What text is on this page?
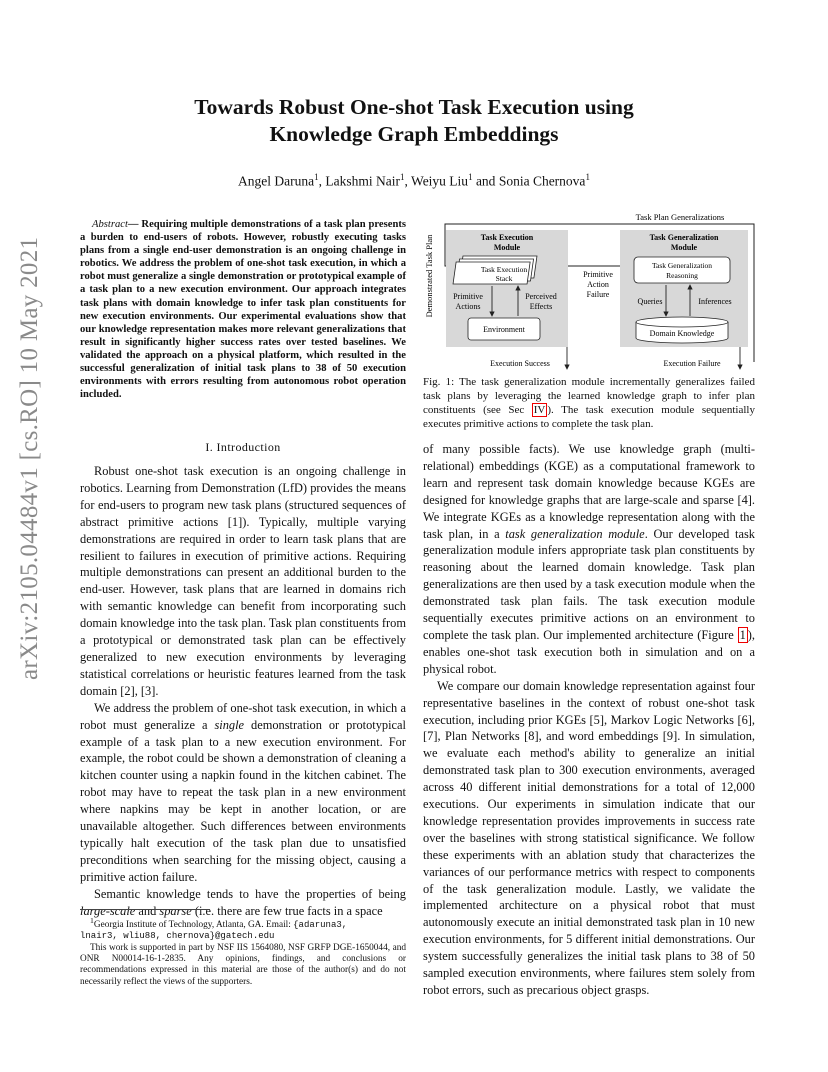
arXiv:2105.04484v1 [cs.RO] 10 May 2021
Towards Robust One-shot Task Execution using
Knowledge Graph Embeddings
Angel Daruna$^1$, Lakshmi Nair$^1$, Weiyu Liu$^1$ and Sonia Chernova$^1$
Abstract— Requiring multiple demonstrations of a task plan presents a burden to end-users of robots. However, robustly executing tasks plans from a single end-user demonstration is an ongoing challenge in robotics. We address the problem of one-shot task execution, in which a robot must generalize a single demonstration or prototypical example of a task plan to a new execution environment. Our approach integrates task plans with domain knowledge to infer task plan constituents for new execution environments. Our experimental evaluations show that our knowledge representation makes more relevant generalizations that result in significantly higher success rates over tested baselines. We validated the approach on a physical platform, which resulted in the successful generalization of initial task plans to 38 of 50 execution environments with errors resulting from autonomous robot operation included.
I. Introduction

Robust one-shot task execution is an ongoing challenge in robotics. Learning from Demonstration (LfD) provides the means for end-users to program new task plans (structured sequences of abstract primitive actions [1]). Typically, multiple varying demonstrations are required in order to learn task plans that are resilient to failures in execution of primitive actions. Requiring multiple demonstrations can present an additional burden to the end-user. However, task plans that are learned in domains rich with semantic knowledge can benefit from incorporating such domain knowledge into the task plan. Task plan constituents from a prototypical or demonstrated task plan can be effectively generalized to new execution environments by leveraging statistical correlations or heuristic features learned from the task domain [2], [3].

We address the problem of one-shot task execution, in which a robot must generalize a single demonstration or prototypical example of a task plan to a new execution environment. For example, the robot could be shown a demonstration of cleaning a kitchen counter using a napkin found in the kitchen cabinet. The robot may have to repeat the task plan in a new environment where napkins may be kept in another location, or are unavailable altogether. Such differences between environments typically halt execution of the task plan due to unsatisfied preconditions when searching for the missing object, causing a primitive action failure.

Semantic knowledge tends to have the properties of being large-scale and sparse (i.e. there are few true facts in a space

$^1$Georgia Institute of Technology, Atlanta, GA. Email: {adaruna3,
lnair3, wliu88, chernova}@gatech.edu

This work is supported in part by NSF IIS 1564080, NSF GRFP DGE-1650044, and ONR N00014-16-1-2835. Any opinions, findings, and conclusions or recommendations expressed in this material are those of the author(s) and do not necessarily reflect the views of the supporters.

Task Plan Generalizations
Demonstrated Task Plan	Task Execution
Module
Task Execution
Stack
Primitive
Actions
Perceived
Effects
Environment
Primitive
Action
Failure
Task Generalization
Module
Task Generalization
Reasoning
Queries	Inferences
Domain Knowledge
Execution Success	Execution Failure
Fig. 1: The task generalization module incrementally generalizes failed task plans by leveraging the learned knowledge graph to infer plan constituents (see Sec IV ). The task execution module sequentially executes primitive actions to complete the task plan.

of many possible facts). We use knowledge graph (multi-relational) embeddings (KGE) as a computational framework to learn and represent task domain knowledge because KGEs are designed for knowledge graphs that are large-scale and sparse [4]. We integrate KGEs as a knowledge representation along with the task plan, in a task generalization module. Our developed task generalization module infers appropriate task plan constituents by reasoning about the learned domain knowledge. Task plan generalizations are then used by a task execution module when the demonstrated task plan fails. The task execution module sequentially executes primitive actions on an environment to complete the task plan. Our implemented architecture (Figure 1 ), enables one-shot task execution both in simulation and on a physical robot.

We compare our domain knowledge representation against four representative baselines in the context of robust one-shot task execution, including prior KGEs [5], Markov Logic Networks [6], [7], Plan Networks [8], and word embeddings [9]. In simulation, we evaluate each method's ability to generalize an initial demonstrated task plan to 300 execution environments, averaged across 40 different initial demonstrations for a total of 12,000 executions. Our experiments in simulation indicate that our knowledge representation provides improvements in success rate over the baselines with strong statistical significance. We follow these experiments with an ablation study that characterizes the variances of our performance metrics with respect to components of the task generalization module. Lastly, we validate the implemented architecture on a physical robot that must autonomously execute an initial demonstrated task plan in 10 new execution environments, for 5 different initial demonstrations. Our system successfully generalizes the initial task plans to 38 of 50 sampled execution environments, where failures stem solely from robot errors, such as precarious object grasps.
